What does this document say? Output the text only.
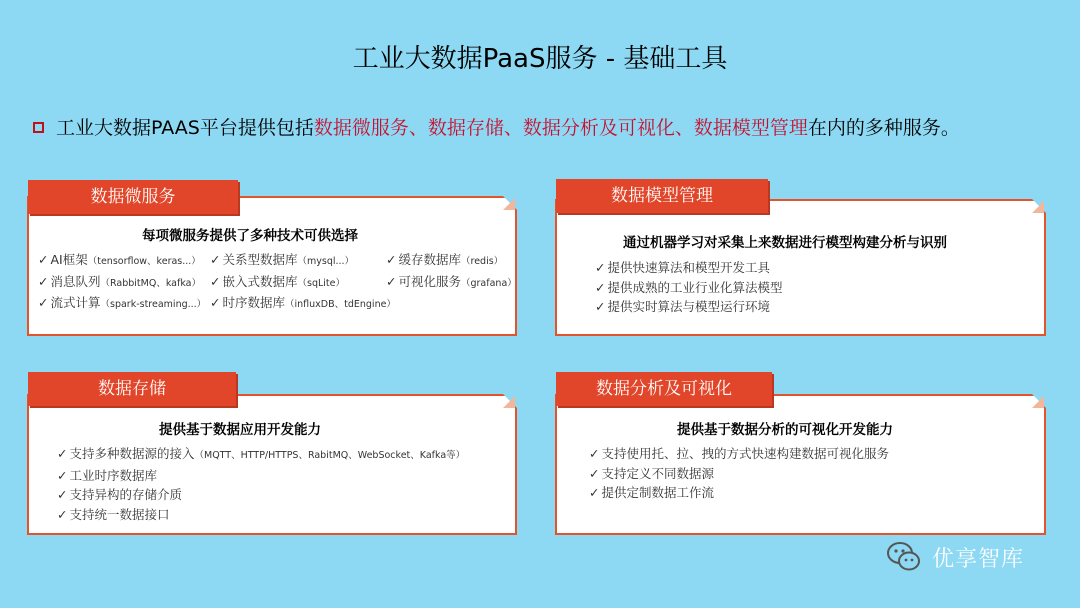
工业大数据PaaS服务 - 基础工具
工业大数据PAAS平台提供包括数据微服务、数据存储、数据分析及可视化、数据模型管理在内的多种服务。
每项微服务提供了多种技术可供选择
✓ AI框架（tensorflow、keras...）
✓ 消息队列（RabbitMQ、kafka）
✓ 流式计算（spark-streaming...）
✓ 关系型数据库（mysql...）
✓ 嵌入式数据库（sqLite）
✓ 时序数据库（influxDB、tdEngine）
✓ 缓存数据库（redis）
✓ 可视化服务（grafana）
数据微服务
通过机器学习对采集上来数据进行模型构建分析与识别
✓ 提供快速算法和模型开发工具
✓ 提供成熟的工业行业化算法模型
✓ 提供实时算法与模型运行环境
数据模型管理
提供基于数据应用开发能力
✓ 支持多种数据源的接入（MQTT、HTTP/HTTPS、RabitMQ、WebSocket、Kafka等）
✓ 工业时序数据库
✓ 支持异构的存储介质
✓ 支持统一数据接口
数据存储
提供基于数据分析的可视化开发能力
✓ 支持使用托、拉、拽的方式快速构建数据可视化服务
✓ 支持定义不同数据源
✓ 提供定制数据工作流
数据分析及可视化
优享智库
